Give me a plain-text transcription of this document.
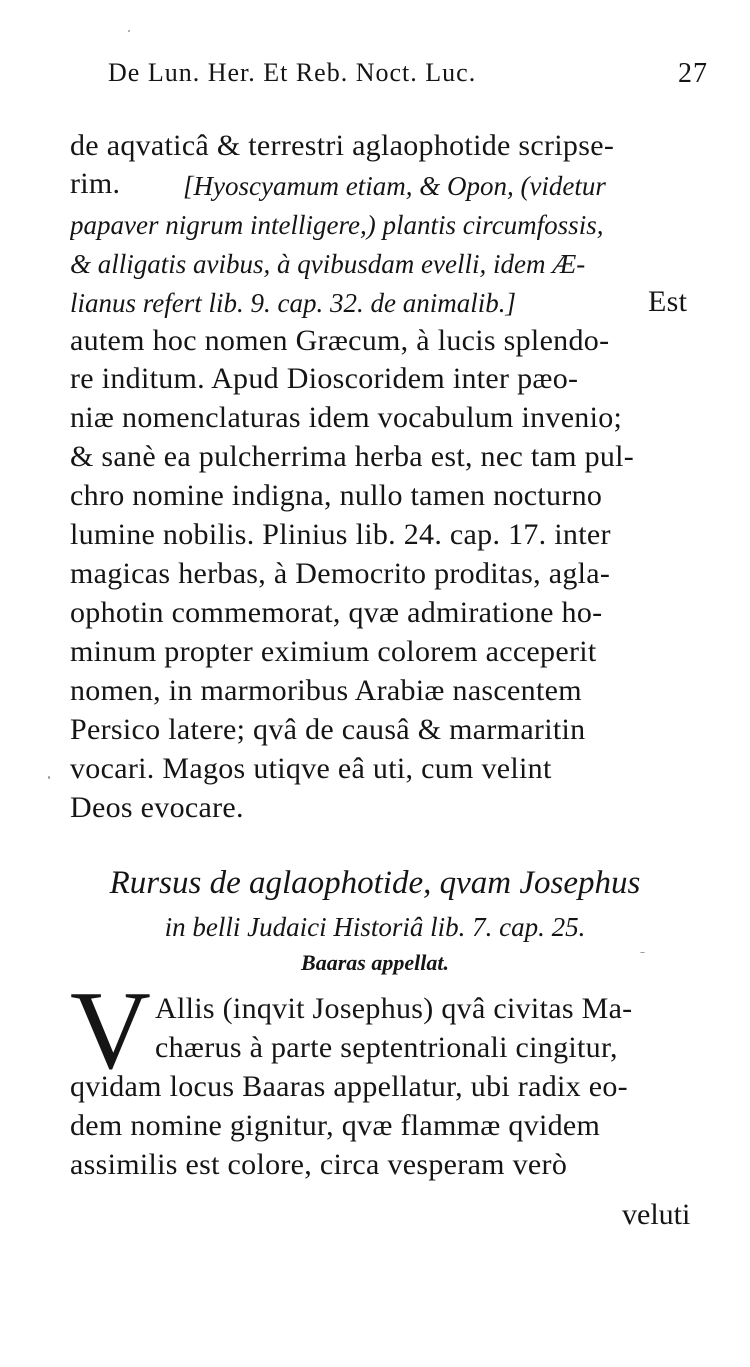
De Lun. Her. Et Reb. Noct. Luc.	27
de aqvaticâ & terrestri aglaophotide scripse-
rim.	[Hyoscyamum etiam, & Opon, (videtur
papaver nigrum intelligere,) plantis circumfossis,
& alligatis avibus, à qvibusdam evelli, idem Æ-
lianus refert lib. 9. cap. 32. de animalib.]	Est
autem hoc nomen Græcum, à lucis splendo-
re inditum. Apud Dioscoridem inter pæo-
niæ nomenclaturas idem vocabulum invenio;
& sanè ea pulcherrima herba est, nec tam pul-
chro nomine indigna, nullo tamen nocturno
lumine nobilis. Plinius lib. 24. cap. 17. inter
magicas herbas, à Democrito proditas, agla-
ophotin commemorat, qvæ admiratione ho-
minum propter eximium colorem acceperit
nomen, in marmoribus Arabiæ nascentem
Persico latere; qvâ de causâ & marmaritin
vocari. Magos utiqve eâ uti, cum velint
Deos evocare.
Rursus de aglaophotide, qvam Josephus
in belli Judaici Historiâ lib. 7. cap. 25.
Baaras appellat.
V Allis (inqvit Josephus) qvâ civitas Ma-
chærus à parte septentrionali cingitur,
qvidam locus Baaras appellatur, ubi radix eo-
dem nomine gignitur, qvæ flammæ qvidem
assimilis est colore, circa vesperam verò
veluti
